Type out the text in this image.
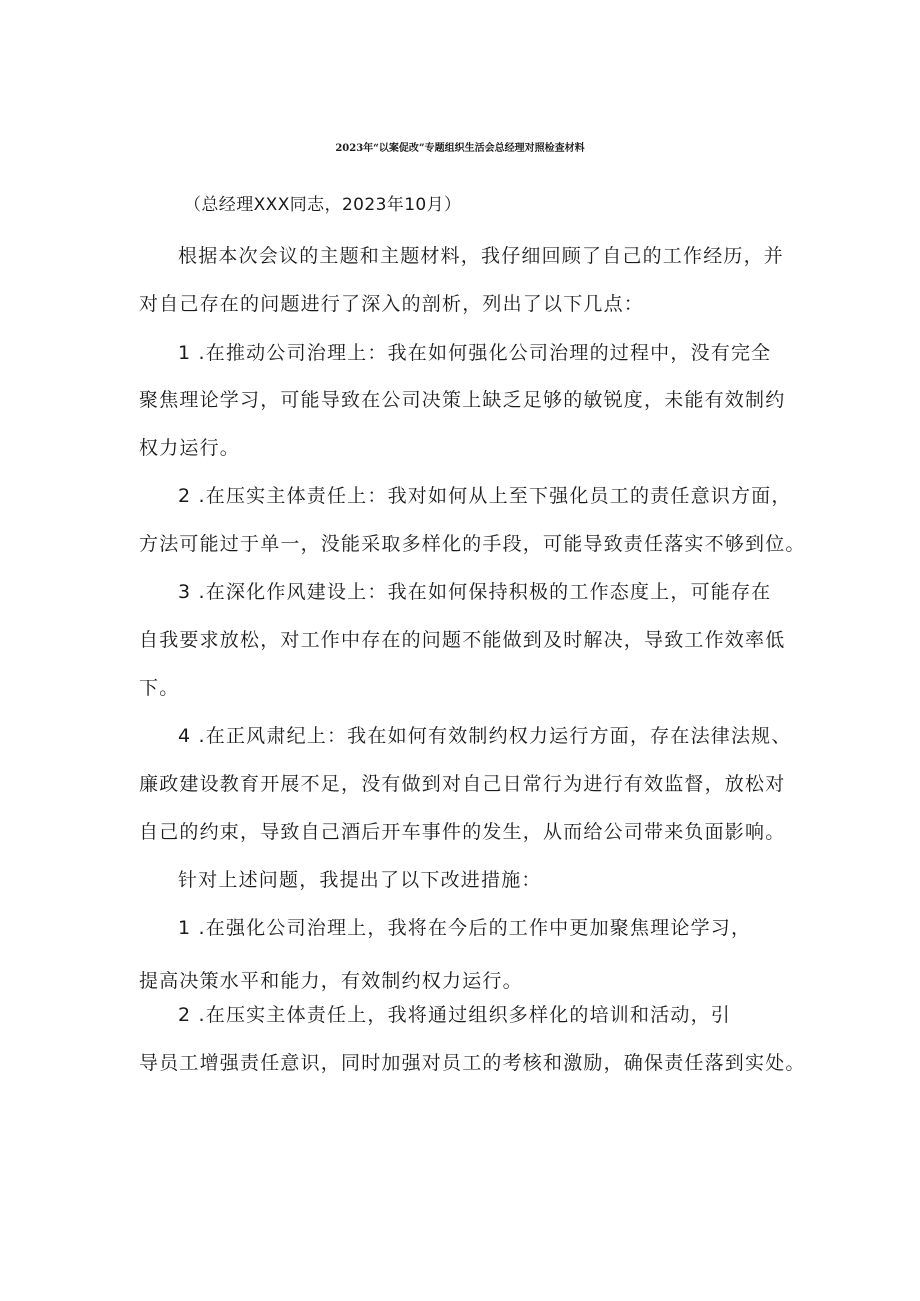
2023年“以案促改”专题组织生活会总经理对照检查材料
（总经理XXX同志，2023年10月）
根据本次会议的主题和主题材料，我仔细回顾了自己的工作经历，并
对自己存在的问题进行了深入的剖析，列出了以下几点：
1 .在推动公司治理上：我在如何强化公司治理的过程中，没有完全
聚焦理论学习，可能导致在公司决策上缺乏足够的敏锐度，未能有效制约
权力运行。
2 .在压实主体责任上：我对如何从上至下强化员工的责任意识方面，
方法可能过于单一，没能采取多样化的手段，可能导致责任落实不够到位。
3 .在深化作风建设上：我在如何保持积极的工作态度上，可能存在
自我要求放松，对工作中存在的问题不能做到及时解决，导致工作效率低
下。
4 .在正风肃纪上：我在如何有效制约权力运行方面，存在法律法规、
廉政建设教育开展不足，没有做到对自己日常行为进行有效监督，放松对
自己的约束，导致自己酒后开车事件的发生，从而给公司带来负面影响。
针对上述问题，我提出了以下改进措施：
1 .在强化公司治理上，我将在今后的工作中更加聚焦理论学习，
提高决策水平和能力，有效制约权力运行。
2 .在压实主体责任上，我将通过组织多样化的培训和活动，引
导员工增强责任意识，同时加强对员工的考核和激励，确保责任落到实处。
